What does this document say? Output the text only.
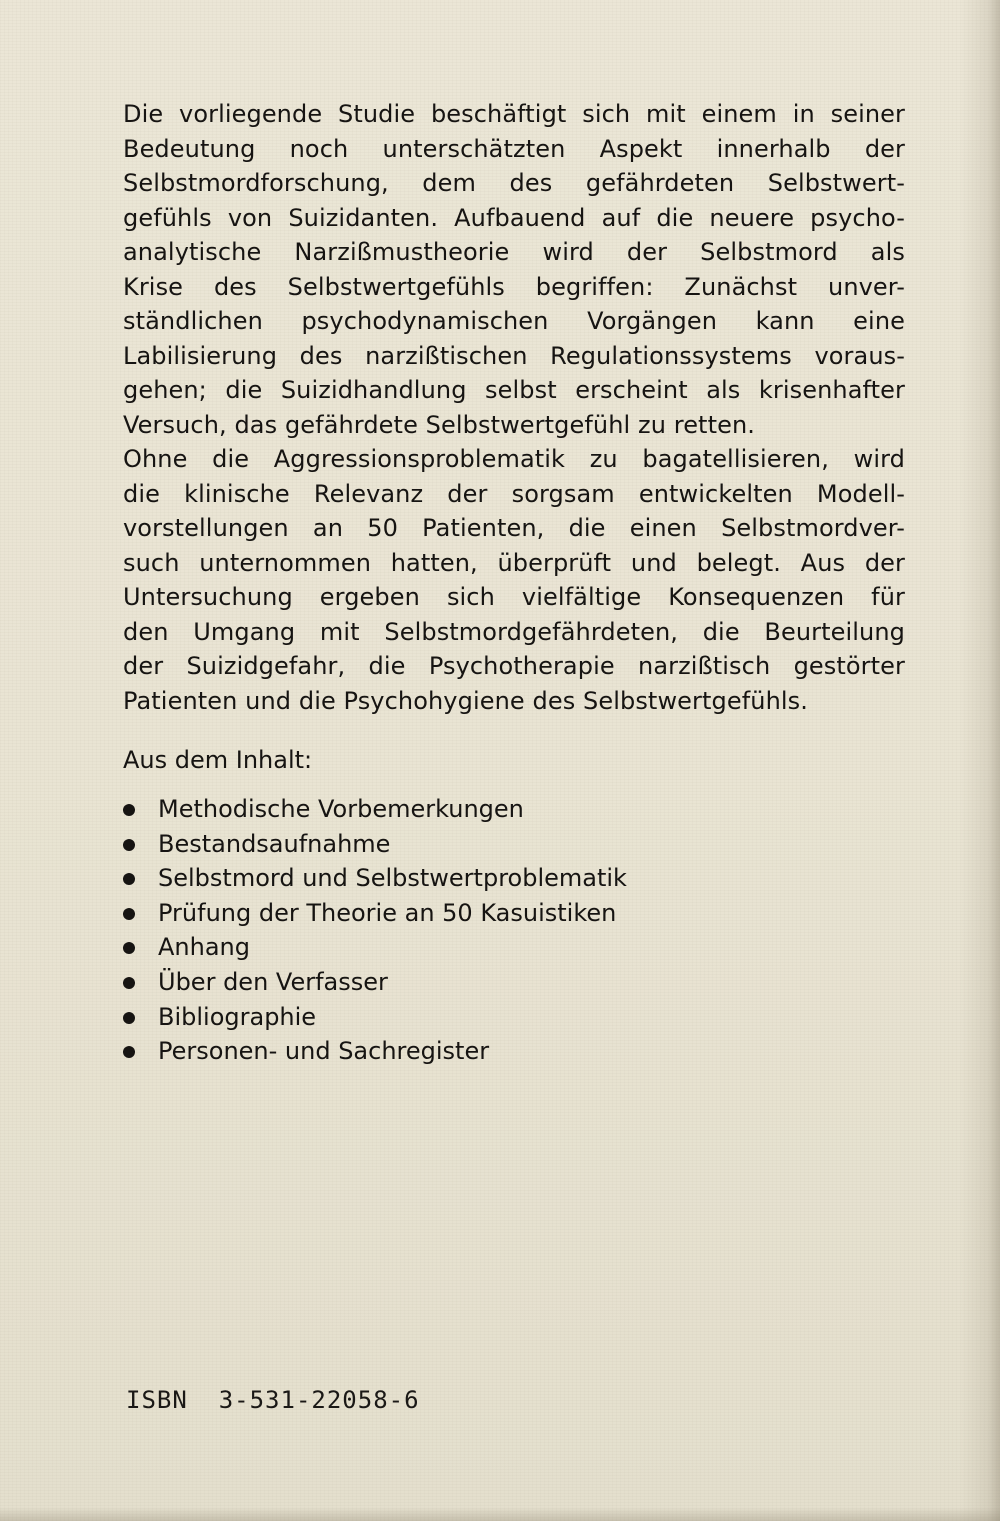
Die vorliegende Studie beschäftigt sich mit einem in seiner
Bedeutung noch unterschätzten Aspekt innerhalb der
Selbstmordforschung, dem des gefährdeten Selbstwert-
gefühls von Suizidanten. Aufbauend auf die neuere psycho-
analytische Narzißmustheorie wird der Selbstmord als
Krise des Selbstwertgefühls begriffen: Zunächst unver-
ständlichen psychodynamischen Vorgängen kann eine
Labilisierung des narzißtischen Regulationssystems voraus-
gehen; die Suizidhandlung selbst erscheint als krisenhafter
Versuch, das gefährdete Selbstwertgefühl zu retten.
Ohne die Aggressionsproblematik zu bagatellisieren, wird
die klinische Relevanz der sorgsam entwickelten Modell-
vorstellungen an 50 Patienten, die einen Selbstmordver-
such unternommen hatten, überprüft und belegt. Aus der
Untersuchung ergeben sich vielfältige Konsequenzen für
den Umgang mit Selbstmordgefährdeten, die Beurteilung
der Suizidgefahr, die Psychotherapie narzißtisch gestörter
Patienten und die Psychohygiene des Selbstwertgefühls.
Aus dem Inhalt:
Methodische Vorbemerkungen
Bestandsaufnahme
Selbstmord und Selbstwertproblematik
Prüfung der Theorie an 50 Kasuistiken
Anhang
Über den Verfasser
Bibliographie
Personen- und Sachregister

ISBN  3-531-22058-6
